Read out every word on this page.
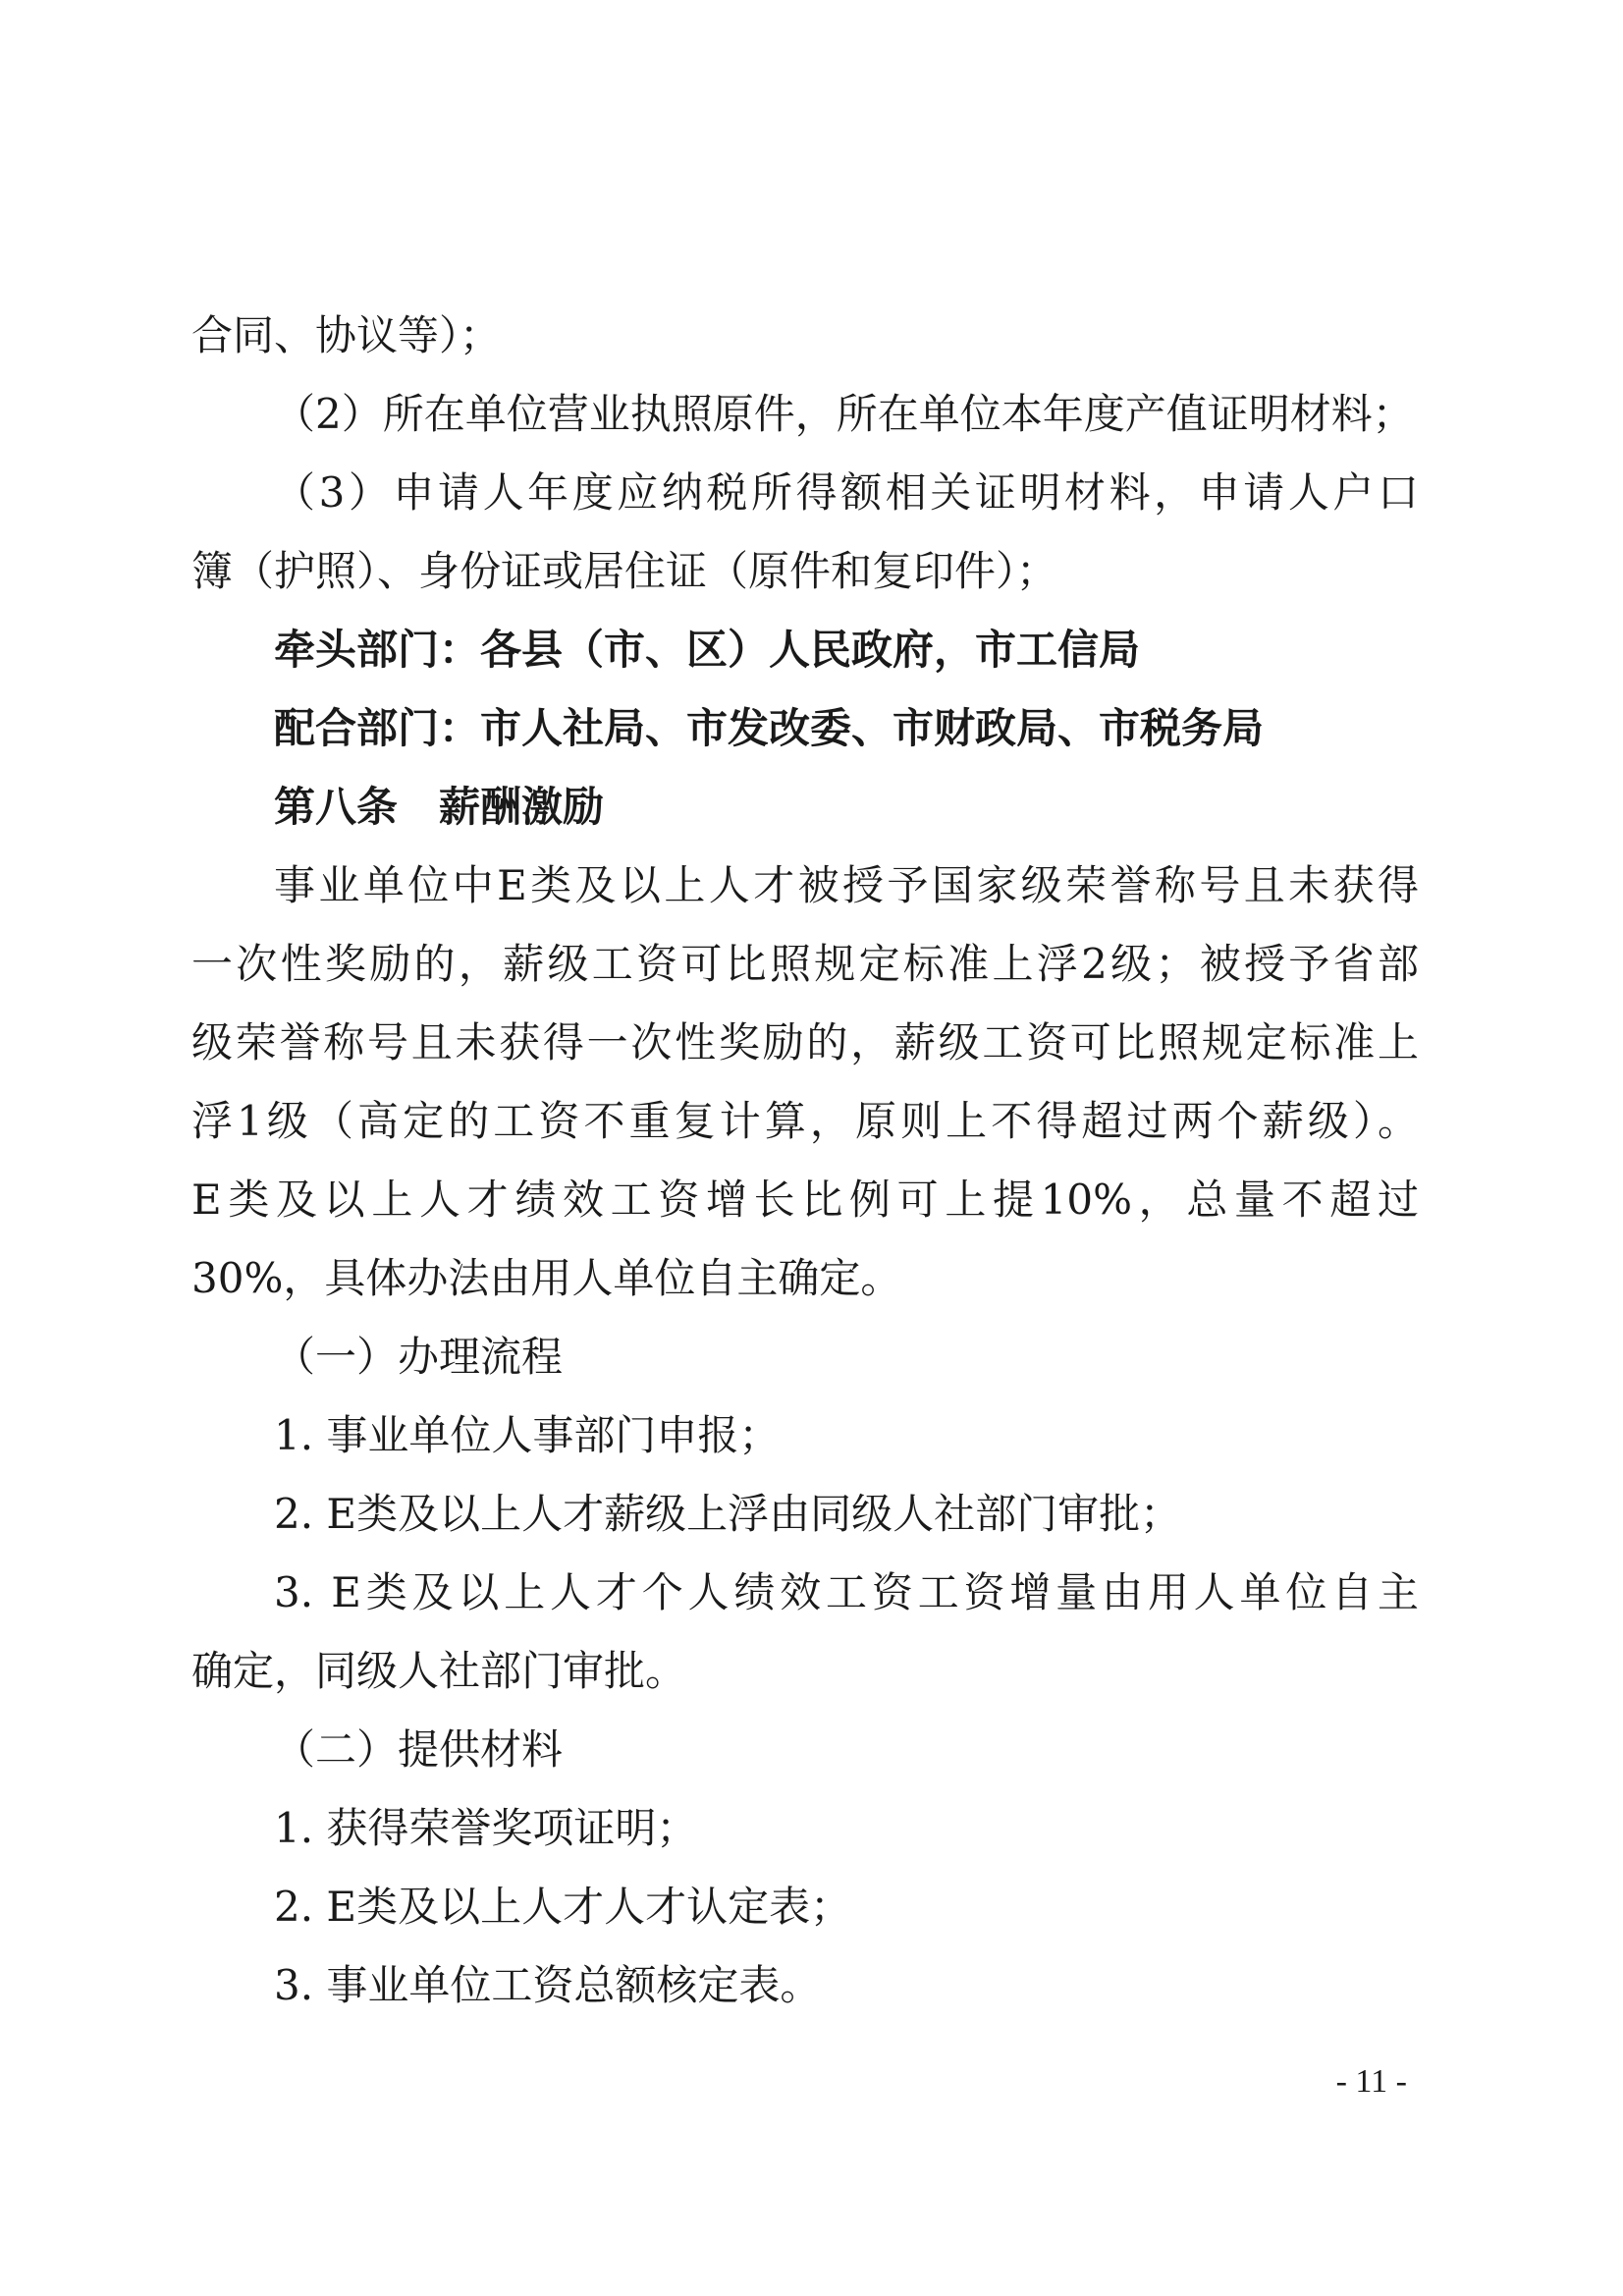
合同、协议等）；
（2）所在单位营业执照原件，所在单位本年度产值证明材料；
（3）申请人年度应纳税所得额相关证明材料，申请人户口
簿（护照）、身份证或居住证（原件和复印件）；
牵头部门：各县（市、区）人民政府，市工信局
配合部门：市人社局、市发改委、市财政局、市税务局
第八条　薪酬激励
事业单位中E类及以上人才被授予国家级荣誉称号且未获得
一次性奖励的，薪级工资可比照规定标准上浮2级；被授予省部
级荣誉称号且未获得一次性奖励的，薪级工资可比照规定标准上
浮1级（高定的工资不重复计算，原则上不得超过两个薪级）。
E类及以上人才绩效工资增长比例可上提10%，总量不超过
30%，具体办法由用人单位自主确定。
（一）办理流程
1. 事业单位人事部门申报；
2. E类及以上人才薪级上浮由同级人社部门审批；
3. E类及以上人才个人绩效工资工资增量由用人单位自主
确定，同级人社部门审批。
（二）提供材料
1. 获得荣誉奖项证明；
2. E类及以上人才人才认定表；
3. 事业单位工资总额核定表。
- 11 -
